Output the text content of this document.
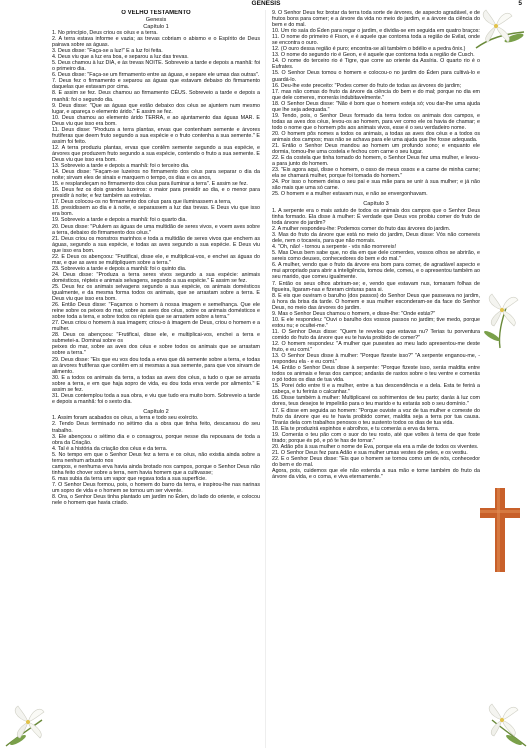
GENESIS	5
O VELHO TESTAMENTO
Genesis
Capítulo 1

1. No princípio, Deus criou os céus e a terra.

2. A terra estava informe e vazia; as trevas cobriam o abismo e o Espírito de Deus pairava sobre as águas.

3. Deus disse: "Faça-se a luz!" E a luz foi feita.

4. Deus viu que a luz era boa, e separou a luz das trevas.

5. Deus chamou à luz DIA, e às trevas NOITE. Sobreveio a tarde e depois a manhã: foi o primeiro dia.

6. Deus disse: "Faça-se um firmamento entre as águas, e separe ele umas das outras".

7. Deus fez o firmamento e separou as águas que estavam debaixo do firmamento daquelas que estavam por cima.

8. E assim se fez. Deus chamou ao firmamento CÉUS. Sobreveio a tarde e depois a manhã: foi o segundo dia.

9. Deus disse: "Que as águas que estão debaixo dos céus se ajuntem num mesmo lugar, e apareça o elemento árido." E assim se fez.

10. Deus chamou ao elemento árido TERRA, e ao ajuntamento das águas MAR. E Deus viu que isso era bom.

11. Deus disse: "Produza a terra plantas, ervas que contenham semente e árvores frutíferas que deem fruto segundo a sua espécie e o fruto contenha a sua semente." E assim foi feito.

12. A terra produziu plantas, ervas que contêm semente segundo a sua espécie, e árvores que produzem fruto segundo a sua espécie, contendo o fruto a sua semente. E Deus viu que isso era bom.

13. Sobreveio a tarde e depois a manhã: foi o terceiro dia.

14. Deus disse: "Façam-se luzeiros no firmamento dos céus para separar o dia da noite; sirvam eles de sinais e marquem o tempo, os dias e os anos,

15. e resplandeçam no firmamento dos céus para iluminar a terra". E assim se fez.

16. Deus fez os dois grandes luzeiros: o maior para presidir ao dia, e o menor para presidir à noite; e fez também as estrelas.

17. Deus colocou-os no firmamento dos céus para que iluminassem a terra,

18. presidissem ao dia e à noite, e separassem a luz das trevas. E Deus viu que isso era bom.

19. Sobreveio a tarde e depois a manhã: foi o quarto dia.

20. Deus disse: "Pululem as águas de uma multidão de seres vivos, e voem aves sobre a terra, debaixo do firmamento dos céus."

21. Deus criou os monstros marinhos e toda a multidão de seres vivos que enchem as águas, segundo a sua espécie, e todas as aves segundo a sua espécie. E Deus viu que isso era bom.

22. E Deus os abençoou: "Frutificai, disse ele, e multiplicai-vos, e enchei as águas do mar, e que as aves se multipliquem sobre a terra."

23. Sobreveio a tarde e depois a manhã: foi o quinto dia.

24. Deus disse: "Produza a terra seres vivos segundo a sua espécie: animais domésticos, répteis e animais selvagens, segundo a sua espécie." E assim se fez.

25. Deus fez os animais selvagens segundo a sua espécie, os animais domésticos igualmente, e da mesma forma todos os animais, que se arrastam sobre a terra. E Deus viu que isso era bom.

26. Então Deus disse: "Façamos o homem à nossa imagem e semelhança. Que ele reine sobre os peixes do mar, sobre as aves dos céus, sobre os animais domésticos e sobre toda a terra, e sobre todos os répteis que se arrastem sobre a terra."

27. Deus criou o homem à sua imagem; criou-o à imagem de Deus, criou o homem e a mulher.

28. Deus os abençoou: "Frutificai, disse ele, e multiplicai-vos, enchei a terra e submetei-a. Dominai sobre os

peixes do mar, sobre as aves dos céus e sobre todos os animais que se arrastam sobre a terra."

29. Deus disse: "Eis que eu vos dou toda a erva que dá semente sobre a terra, e todas as árvores frutíferas que contêm em si mesmas a sua semente, para que vos sirvam de alimento.

30. E a todos os animais da terra, a todas as aves dos céus, a tudo o que se arrasta sobre a terra, e em que haja sopro de vida, eu dou toda erva verde por alimento." E assim se fez.

31. Deus contemplou toda a sua obra, e viu que tudo era muito bom. Sobreveio a tarde e depois a manhã: foi o sexto dia.

Capítulo 2

1. Assim foram acabados os céus, a terra e todo seu exército.

2. Tendo Deus terminado no sétimo dia a obra que tinha feito, descansou do seu trabalho.

3. Ele abençoou o sétimo dia e o consagrou, porque nesse dia repousara de toda a obra da Criação.

4. Tal é a história da criação dos céus e da terra.

5. No tempo em que o Senhor Deus fez a terra e os céus, não existia ainda sobre a terra nenhum arbusto nos

campos, e nenhuma erva havia ainda brotado nos campos, porque o Senhor Deus não tinha feito chover sobre a terra, nem havia homem que a cultivasse;

6. mas subia da terra um vapor que regava toda a sua superfície.

7. O Senhor Deus formou, pois, o homem do barro da terra, e inspirou-lhe nas narinas um sopro de vida e o homem se tornou um ser vivente.

8. Ora, o Senhor Deus tinha plantado um jardim no Éden, do lado do oriente, e colocou nele o homem que havia criado.

9. O Senhor Deus fez brotar da terra toda sorte de árvores, de aspecto agradável, e de frutos bons para comer; e a árvore da vida no meio do jardim, e a árvore da ciência do bem e do mal.

10. Um rio saía do Éden para regar o jardim, e dividia-se em seguida em quatro braços:

11. O nome do primeiro é Fison, e é aquele que contorna toda a região de Evilat, onde se encontra o ouro.

12. (O ouro dessa região é puro; encontra-se ali também o bdélio e a pedra ônix.)

13. O nome do segundo rio é Geon, e é aquele que contorna toda a região de Cusch.

14. O nome do terceiro rio é Tigre, que corre ao oriente da Assíria. O quarto rio é o Eufrates.

15. O Senhor Deus tomou o homem e colocou-o no jardim do Éden para cultivá-lo e guardá-lo.

16. Deu-lhe este preceito: "Podes comer do fruto de todas as árvores do jardim;

17. mas não comas do fruto da árvore da ciência do bem e do mal; porque no dia em que dele comeres, morrerás indubitavelmente."

18. O Senhor Deus disse: "Não é bom que o homem esteja só; vou dar-lhe uma ajuda que lhe seja adequada."

19. Tendo, pois, o Senhor Deus formado da terra todos os animais dos campos, e todas as aves dos céus, levou-os ao homem, para ver como ele os havia de chamar; e todo o nome que o homem pôs aos animais vivos, esse é o seu verdadeiro nome.

20. O homem pôs nomes a todos os animais, a todas as aves dos céus e a todos os animais dos campos; mas não se achava para ele uma ajuda que lhe fosse adequada.

21. Então o Senhor Deus mandou ao homem um profundo sono; e enquanto ele dormia, tomou-lhe uma costela e fechou com carne o seu lugar.

22. E da costela que tinha tomado do homem, o Senhor Deus fez uma mulher, e levou-a para junto do homem.

23. "Eis agora aqui, disse o homem, o osso de meus ossos e a carne de minha carne; ela se chamará mulher, porque foi tomada do homem."

24. Por isso o homem deixa o seu pai e sua mãe para se unir à sua mulher; e já não são mais que uma só carne.

25. O homem e a mulher estavam nus, e não se envergonhavam.

Capítulo 3

1. A serpente era o mais astuto de todos os animais dos campos que o Senhor Deus tinha formado. Ela disse à mulher: É verdade que Deus vos proibiu comer do fruto de toda árvore do jardim?

2. A mulher respondeu-lhe: Podemos comer do fruto das árvores do jardim.

3. Mas do fruto da árvore que está no meio do jardim, Deus disse: Vós não comereis dele, nem o tocareis, para que não morrais.

4. "Oh, não! - tornou a serpente - vós não morrereis!

5. Mas Deus bem sabe que, no dia em que dele comerdes, vossos olhos se abrirão, e sereis como deuses, conhecedores do bem e do mal."

6. A mulher, vendo que o fruto da árvore era bom para comer, de agradável aspecto e mui apropriado para abrir a inteligência, tomou dele, comeu, e o apresentou também ao seu marido, que comeu igualmente.

7. Então os seus olhos abriram-se; e, vendo que estavam nus, tomaram folhas de figueira, ligaram-nas e fizeram cinturas para si.

8. E eis que ouviram o barulho (dos passos) do Senhor Deus que passeava no jardim, à hora da brisa da tarde. O homem e sua mulher esconderam-se da face do Senhor Deus, no meio das árvores do jardim.

9. Mas o Senhor Deus chamou o homem, e disse-lhe: "Onde estás?"

10. E ele respondeu: "Ouvi o barulho dos vossos passos no jardim; tive medo, porque estou nu; e ocultei-me."

11. O Senhor Deus disse: "Quem te revelou que estavas nu? Terias tu porventura comido do fruto da árvore que eu te havia proibido de comer?"

12. O homem respondeu: "A mulher que pusestes ao meu lado apresentou-me deste fruto, e eu comi."

13. O Senhor Deus disse à mulher: "Porque fizeste isso?" "A serpente enganou-me, - respondeu ela - e eu comi."

14. Então o Senhor Deus disse à serpente: "Porque fizeste isso, serás maldita entre todos os animais e feras dos campos; andarás de rastos sobre o teu ventre e comerás o pó todos os dias de tua vida.

15. Porei ódio entre ti e a mulher, entre a tua descendência e a dela. Esta te ferirá a cabeça, e tu ferirás o calcanhar."

16. Disse também à mulher: Multiplicarei os sofrimentos de teu parto; darás à luz com dores, teus desejos te impelirão para o teu marido e tu estarás sob o seu domínio."

17. E disse em seguida ao homem: "Porque ouviste a voz de tua mulher e comeste do fruto da árvore que eu te havia proibido comer, maldita seja a terra por tua causa. Tirarás dela com trabalhos penosos o teu sustento todos os dias de tua vida.

18. Ela te produzirá espinhos e abrolhos, e tu comerás a erva da terra.

19. Comerás o teu pão com o suor do teu rosto, até que voltes à terra de que foste tirado; porque és pó, e pó te has de tornar."

20. Adão pôs à sua mulher o nome de Eva, porque ela era a mãe de todos os viventes.

21. O Senhor Deus fez para Adão e sua mulher umas vestes de peles, e os vestiu.

22. E o Senhor Deus disse: "Eis que o homem se tornou como um de nós, conhecedor do bem e do mal.

Agora, pois, cuidemos que ele não estenda a sua mão e tome também do fruto da árvore da vida, e o coma, e viva eternamente."
